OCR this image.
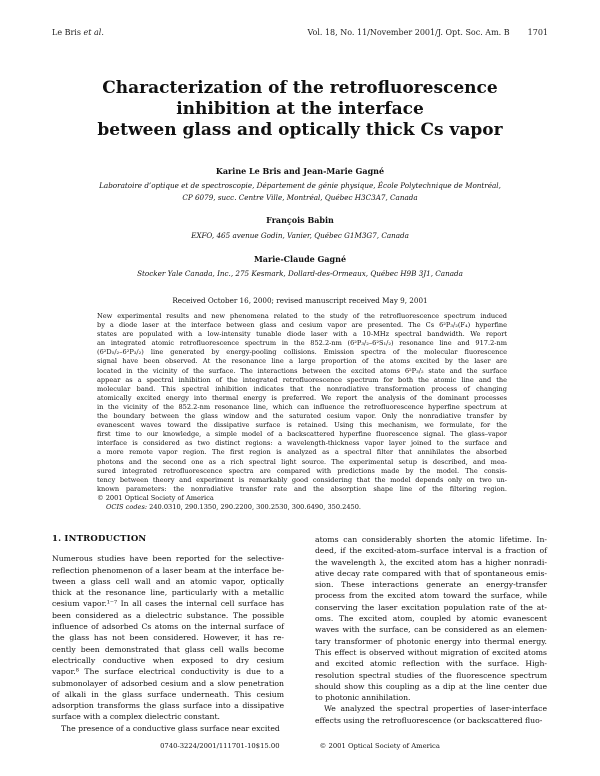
Le Bris et al.	Vol. 18, No. 11/November 2001/J. Opt. Soc. Am. B 1701
Characterization of the retrofluorescence
inhibition at the interface
between glass and optically thick Cs vapor
Karine Le Bris and Jean-Marie Gagné
Laboratoire d’optique et de spectroscopie, Département de génie physique, École Polytechnique de Montréal,
CP 6079, succ. Centre Ville, Montréal, Québec H3C3A7, Canada
François Babin
EXFO, 465 avenue Godin, Vanier, Québec G1M3G7, Canada
Marie-Claude Gagné
Stocker Yale Canada, Inc., 275 Kesmark, Dollard-des-Ormeaux, Québec H9B 3J1, Canada
Received October 16, 2000; revised manuscript received May 9, 2001
New experimental results and new phenomena related to the study of the retrofluorescence spectrum induced
by a diode laser at the interface between glass and cesium vapor are presented. The Cs 6²P₃/₂(F₄) hyperfine
states are populated with a low-intensity tunable diode laser with a 10-MHz spectral bandwidth. We report
an integrated atomic retrofluorescence spectrum in the 852.2-nm (6²P₃/₂–6²S₁/₂) resonance line and 917.2-nm
(6²D₅/₂–6²P₃/₂) line generated by energy-pooling collisions. Emission spectra of the molecular fluorescence
signal have been observed. At the resonance line a large proportion of the atoms excited by the laser are
located in the vicinity of the surface. The interactions between the excited atoms 6²P₃/₂ state and the surface
appear as a spectral inhibition of the integrated retrofluorescence spectrum for both the atomic line and the
molecular band. This spectral inhibition indicates that the nonradiative transformation process of changing
atomically excited energy into thermal energy is preferred. We report the analysis of the dominant processes
in the vicinity of the 852.2-nm resonance line, which can influence the retrofluorescence hyperfine spectrum at
the boundary between the glass window and the saturated cesium vapor. Only the nonradiative transfer by
evanescent waves toward the dissipative surface is retained. Using this mechanism, we formulate, for the
first time to our knowledge, a simple model of a backscattered hyperfine fluorescence signal. The glass–vapor
interface is considered as two distinct regions: a wavelength-thickness vapor layer joined to the surface and
a more remote vapor region. The first region is analyzed as a spectral filter that annihilates the absorbed
photons and the second one as a rich spectral light source. The experimental setup is described, and mea-
sured integrated retrofluorescence spectra are compared with predictions made by the model. The consis-
tency between theory and experiment is remarkably good considering that the model depends only on two un-
known parameters: the nonradiative transfer rate and the absorption shape line of the filtering region.
© 2001 Optical Society of America
OCIS codes: 240.0310, 290.1350, 290.2200, 300.2530, 300.6490, 350.2450.
1. INTRODUCTION
Numerous studies have been reported for the selective-
reflection phenomenon of a laser beam at the interface be-
tween a glass cell wall and an atomic vapor, optically
thick at the resonance line, particularly with a metallic
cesium vapor.¹⁻⁷ In all cases the internal cell surface has
been considered as a dielectric substance. The possible
influence of adsorbed Cs atoms on the internal surface of
the glass has not been considered. However, it has re-
cently been demonstrated that glass cell walls become
electrically conductive when exposed to dry cesium
vapor.⁸ The surface electrical conductivity is due to a
submonolayer of adsorbed cesium and a slow penetration
of alkali in the glass surface underneath. This cesium
adsorption transforms the glass surface into a dissipative
surface with a complex dielectric constant.
The presence of a conductive glass surface near excited
atoms can considerably shorten the atomic lifetime. In-
deed, if the excited-atom–surface interval is a fraction of
the wavelength λ, the excited atom has a higher nonradi-
ative decay rate compared with that of spontaneous emis-
sion. These interactions generate an energy-transfer
process from the excited atom toward the surface, while
conserving the laser excitation population rate of the at-
oms. The excited atom, coupled by atomic evanescent
waves with the surface, can be considered as an elemen-
tary transformer of photonic energy into thermal energy.
This effect is observed without migration of excited atoms
and excited atomic reflection with the surface. High-
resolution spectral studies of the fluorescence spectrum
should show this coupling as a dip at the line center due
to photonic annihilation.
We analyzed the spectral properties of laser-interface
effects using the retrofluorescence (or backscattered fluo-
0740-3224/2001/111701-10$15.00	© 2001 Optical Society of America
